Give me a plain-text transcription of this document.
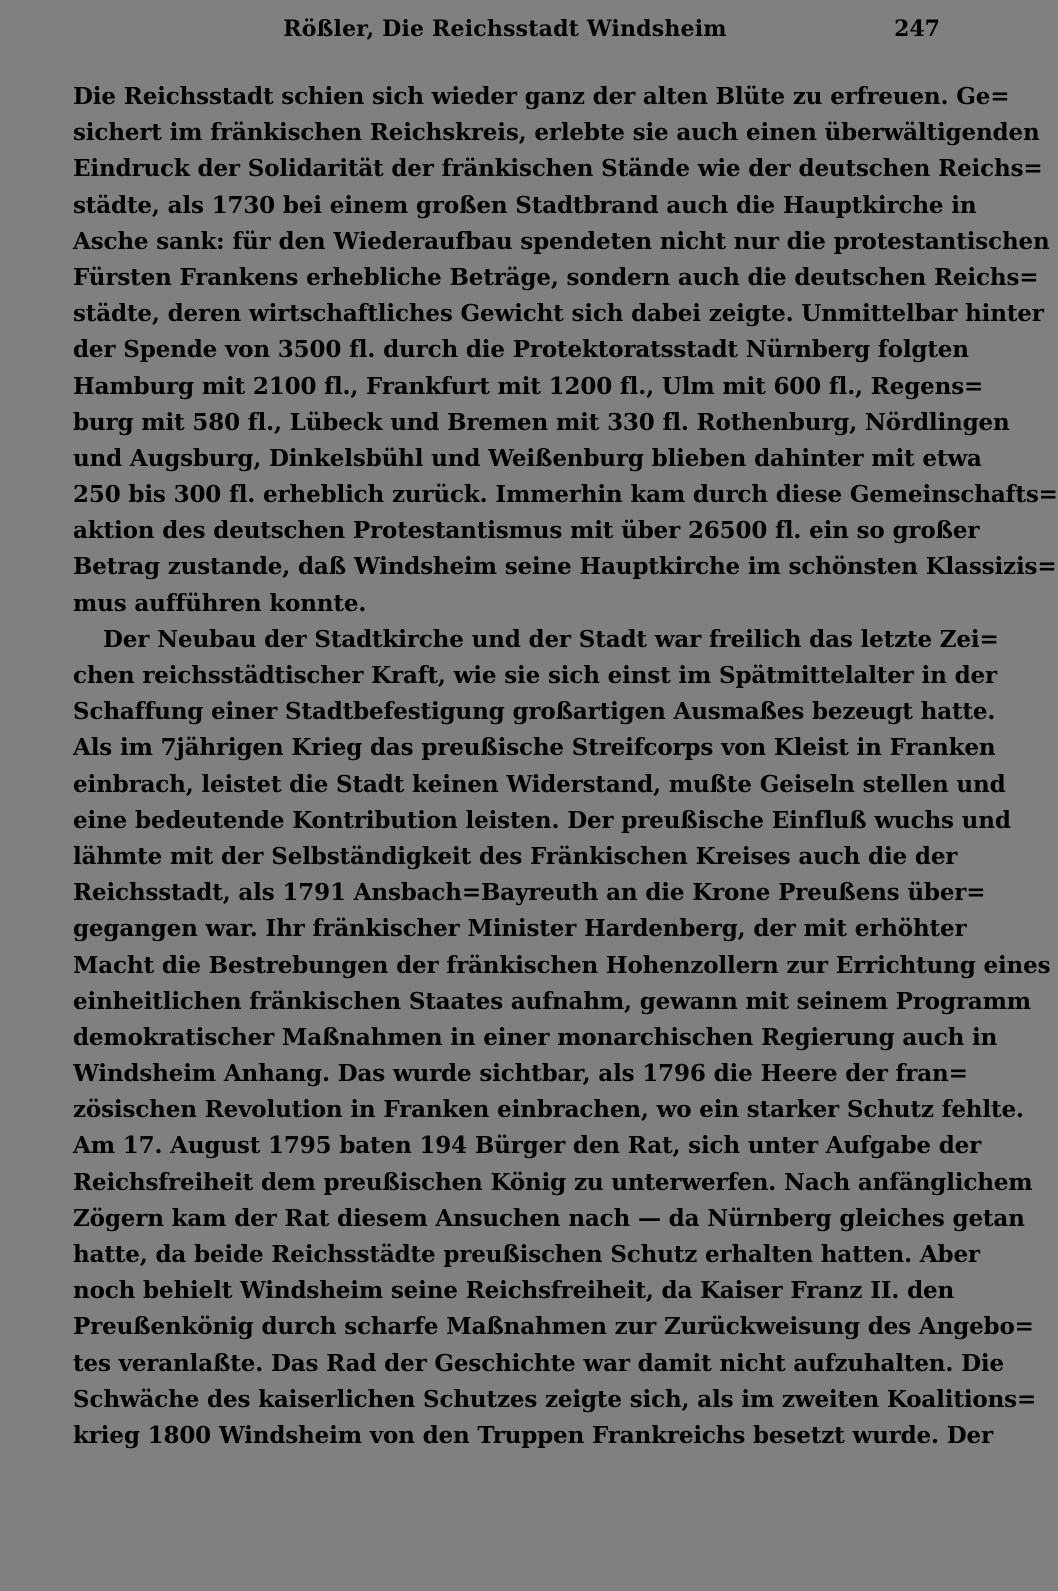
Rößler, Die Reichsstadt Windsheim	247
Die Reichsstadt schien sich wieder ganz der alten Blüte zu erfreuen. Ge=
sichert im fränkischen Reichskreis, erlebte sie auch einen überwältigenden
Eindruck der Solidarität der fränkischen Stände wie der deutschen Reichs=
städte, als 1730 bei einem großen Stadtbrand auch die Hauptkirche in
Asche sank: für den Wiederaufbau spendeten nicht nur die protestantischen
Fürsten Frankens erhebliche Beträge, sondern auch die deutschen Reichs=
städte, deren wirtschaftliches Gewicht sich dabei zeigte. Unmittelbar hinter
der Spende von 3500 fl. durch die Protektoratsstadt Nürnberg folgten
Hamburg mit 2100 fl., Frankfurt mit 1200 fl., Ulm mit 600 fl., Regens=
burg mit 580 fl., Lübeck und Bremen mit 330 fl. Rothenburg, Nördlingen
und Augsburg, Dinkelsbühl und Weißenburg blieben dahinter mit etwa
250 bis 300 fl. erheblich zurück. Immerhin kam durch diese Gemeinschafts=
aktion des deutschen Protestantismus mit über 26500 fl. ein so großer
Betrag zustande, daß Windsheim seine Hauptkirche im schönsten Klassizis=
mus aufführen konnte.
Der Neubau der Stadtkirche und der Stadt war freilich das letzte Zei=
chen reichsstädtischer Kraft, wie sie sich einst im Spätmittelalter in der
Schaffung einer Stadtbefestigung großartigen Ausmaßes bezeugt hatte.
Als im 7jährigen Krieg das preußische Streifcorps von Kleist in Franken
einbrach, leistet die Stadt keinen Widerstand, mußte Geiseln stellen und
eine bedeutende Kontribution leisten. Der preußische Einfluß wuchs und
lähmte mit der Selbständigkeit des Fränkischen Kreises auch die der
Reichsstadt, als 1791 Ansbach=Bayreuth an die Krone Preußens über=
gegangen war. Ihr fränkischer Minister Hardenberg, der mit erhöhter
Macht die Bestrebungen der fränkischen Hohenzollern zur Errichtung eines
einheitlichen fränkischen Staates aufnahm, gewann mit seinem Programm
demokratischer Maßnahmen in einer monarchischen Regierung auch in
Windsheim Anhang. Das wurde sichtbar, als 1796 die Heere der fran=
zösischen Revolution in Franken einbrachen, wo ein starker Schutz fehlte.
Am 17. August 1795 baten 194 Bürger den Rat, sich unter Aufgabe der
Reichsfreiheit dem preußischen König zu unterwerfen. Nach anfänglichem
Zögern kam der Rat diesem Ansuchen nach — da Nürnberg gleiches getan
hatte, da beide Reichsstädte preußischen Schutz erhalten hatten. Aber
noch behielt Windsheim seine Reichsfreiheit, da Kaiser Franz II. den
Preußenkönig durch scharfe Maßnahmen zur Zurückweisung des Angebo=
tes veranlaßte. Das Rad der Geschichte war damit nicht aufzuhalten. Die
Schwäche des kaiserlichen Schutzes zeigte sich, als im zweiten Koalitions=
krieg 1800 Windsheim von den Truppen Frankreichs besetzt wurde. Der
